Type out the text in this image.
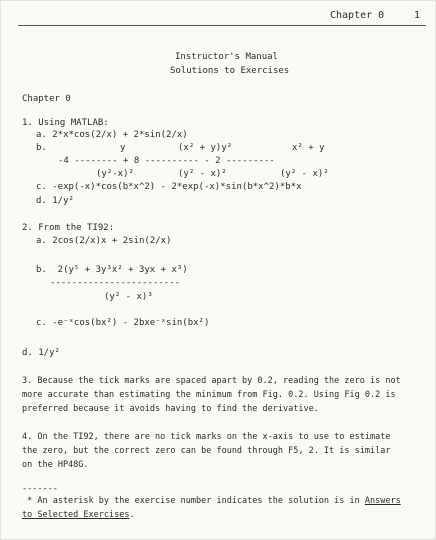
Chapter 0	1
Instructor's Manual
Solutions to Exercises
Chapter 0
1. Using MATLAB:
a. 2*x*cos(2/x) + 2*sin(2/x)
b.	y	(x² + y)y²	x² + y
-4 -------- + 8 ---------- - 2 ---------
(y²-x)²	(y² - x)²	(y² - x)²
c. -exp(-x)*cos(b*x^2) - 2*exp(-x)*sin(b*x^2)*b*x
d. 1/y²
2. From the TI92:
a. 2cos(2/x)x + 2sin(2/x)
b.  2(y⁵ + 3y³x² + 3yx + x³)
------------------------
(y² - x)³
c. -e⁻ˣcos(bx²) - 2bxe⁻ˣsin(bx²)
d. 1/y²
3. Because the tick marks are spaced apart by 0.2, reading the zero is not
more accurate than estimating the minimum from Fig. 0.2. Using Fig 0.2 is
preferred because it avoids having to find the derivative.
4. On the TI92, there are no tick marks on the x-axis to use to estimate
the zero, but the correct zero can be found through F5, 2. It is similar
on the HP48G.
-------
* An asterisk by the exercise number indicates the solution is in Answers
to Selected Exercises.
